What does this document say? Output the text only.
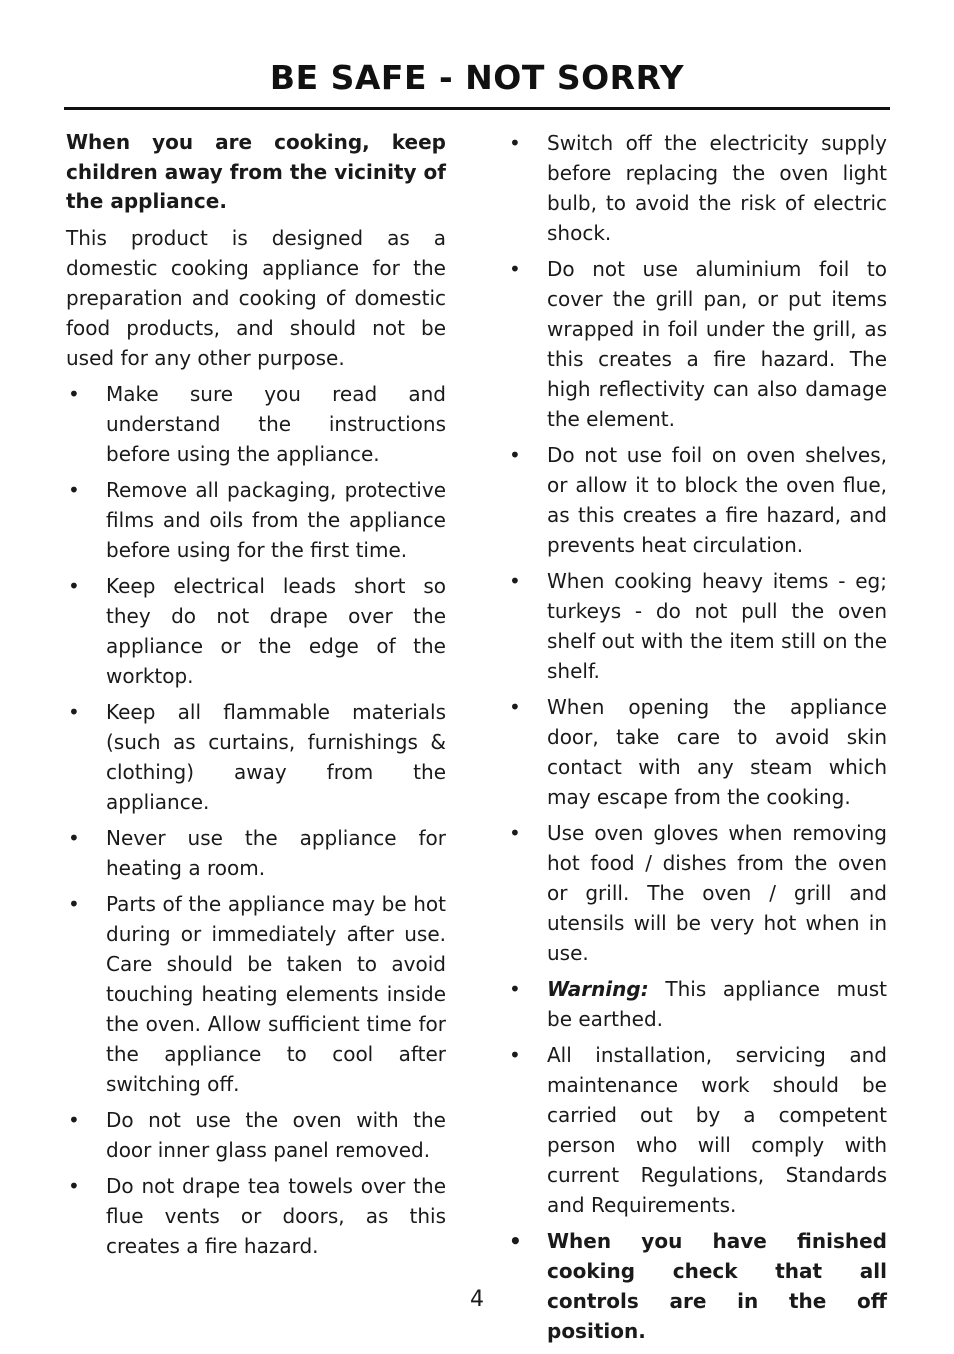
BE SAFE - NOT SORRY

When you are cooking, keep children away from the vicinity of the appliance.

This product is designed as a domestic cooking appliance for the preparation and cooking of domestic food products, and should not be used for any other purpose.

• Make sure you read and understand the instructions before using the appliance.
• Remove all packaging, protective films and oils from the appliance before using for the first time.
• Keep electrical leads short so they do not drape over the appliance or the edge of the worktop.
• Keep all flammable materials (such as curtains, furnishings & clothing) away from the appliance.
• Never use the appliance for heating a room.
• Parts of the appliance may be hot during or immediately after use. Care should be taken to avoid touching heating elements inside the oven. Allow sufficient time for the appliance to cool after switching off.
• Do not use the oven with the door inner glass panel removed.
• Do not drape tea towels over the flue vents or doors, as this creates a fire hazard.
• Switch off the electricity supply before replacing the oven light bulb, to avoid the risk of electric shock.
• Do not use aluminium foil to cover the grill pan, or put items wrapped in foil under the grill, as this creates a fire hazard. The high reflectivity can also damage the element.
• Do not use foil on oven shelves, or allow it to block the oven flue, as this creates a fire hazard, and prevents heat circulation.
• When cooking heavy items - eg; turkeys - do not pull the oven shelf out with the item still on the shelf.
• When opening the appliance door, take care to avoid skin contact with any steam which may escape from the cooking.
• Use oven gloves when removing hot food / dishes from the oven or grill. The oven / grill and utensils will be very hot when in use.
• Warning: This appliance must be earthed.
• All installation, servicing and maintenance work should be carried out by a competent person who will comply with current Regulations, Standards and Requirements.
• When you have finished cooking check that all controls are in the off position.
4
